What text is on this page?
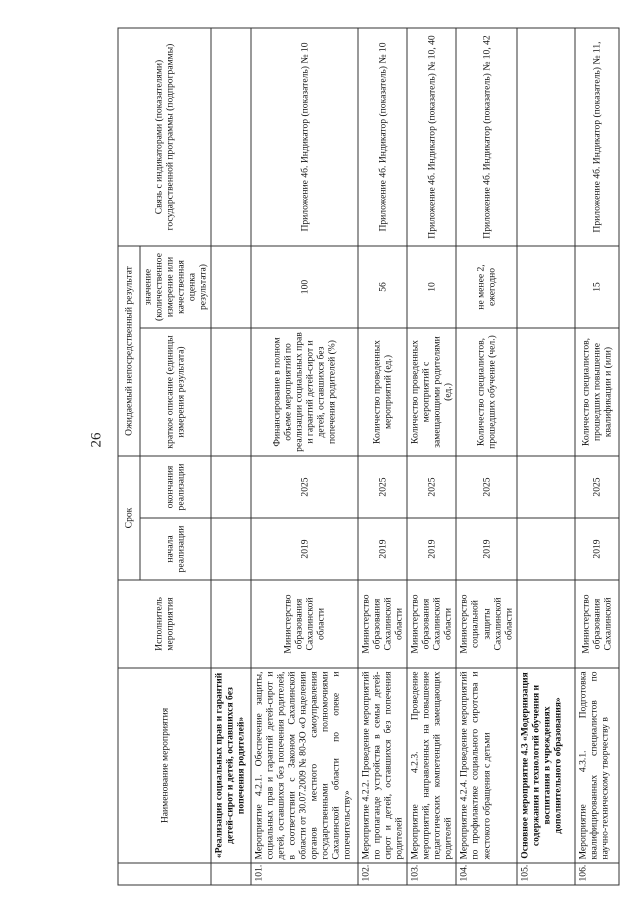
26
	Наименование мероприятия	Исполнитель мероприятия	Срок		Ожидаемый непосредственный результат		Связь с индикаторами (показателями) государственной программы (подпрограммы)
			начала реализации	окончания реализации	краткое описание (единицы измерения результата)	значение (количественное измерение или качественная оценка результата)	
	«Реализация социальных прав и гарантий детей-сирот и детей, оставшихся без попечения родителей»						
101.	Мероприятие 4.2.1. Обеспечение защиты, социальных прав и гарантий детей-сирот и детей, оставшихся без попечения родителей, в соответствии с Законом Сахалинской области от 30.07.2009 № 80-ЗО «О наделении органов местного самоуправления государственными полномочиями Сахалинской области по опеке и попечительству»	Министерство образования Сахалинской области	2019	2025	Финансирование в полном объеме мероприятий по реализации социальных прав и гарантий детей-сирот и детей, оставшихся без попечения родителей (%)	100	Приложение 4б. Индикатор (показатель) № 10
102.	Мероприятие 4.2.2. Проведение мероприятий по пропаганде устройства в семьи детей-сирот и детей, оставшихся без попечения родителей	Министерство образования Сахалинской области	2019	2025	Количество проведенных мероприятий (ед.)	56	Приложение 4б. Индикатор (показатель) № 10
103.	Мероприятие 4.2.3. Проведение мероприятий, направленных на повышение педагогических компетенций замещающих родителей	Министерство образования Сахалинской области	2019	2025	Количество проведенных мероприятий с замещающими родителями (ед.)	10	Приложение 4б. Индикатор (показатель) № 10, 40
104.	Мероприятие 4.2.4. Проведение мероприятий по профилактике социального сиротства и жестокого обращения с детьми	Министерство социальной защиты Сахалинской области	2019	2025	Количество специалистов, прошедших обучение (чел.)	не менее 2, ежегодно	Приложение 4б. Индикатор (показатель) № 10, 42
105.	Основное мероприятие 4.3 «Модернизация содержания и технологий обучения и воспитания в учреждениях дополнительного образования»						
106.	Мероприятие 4.3.1. Подготовка квалифицированных специалистов по научно-техническому творчеству в	Министерство образования Сахалинской	2019	2025	Количество специалистов, прошедших повышение квалификации и (или)	15	Приложение 4б. Индикатор (показатель) № 11,
